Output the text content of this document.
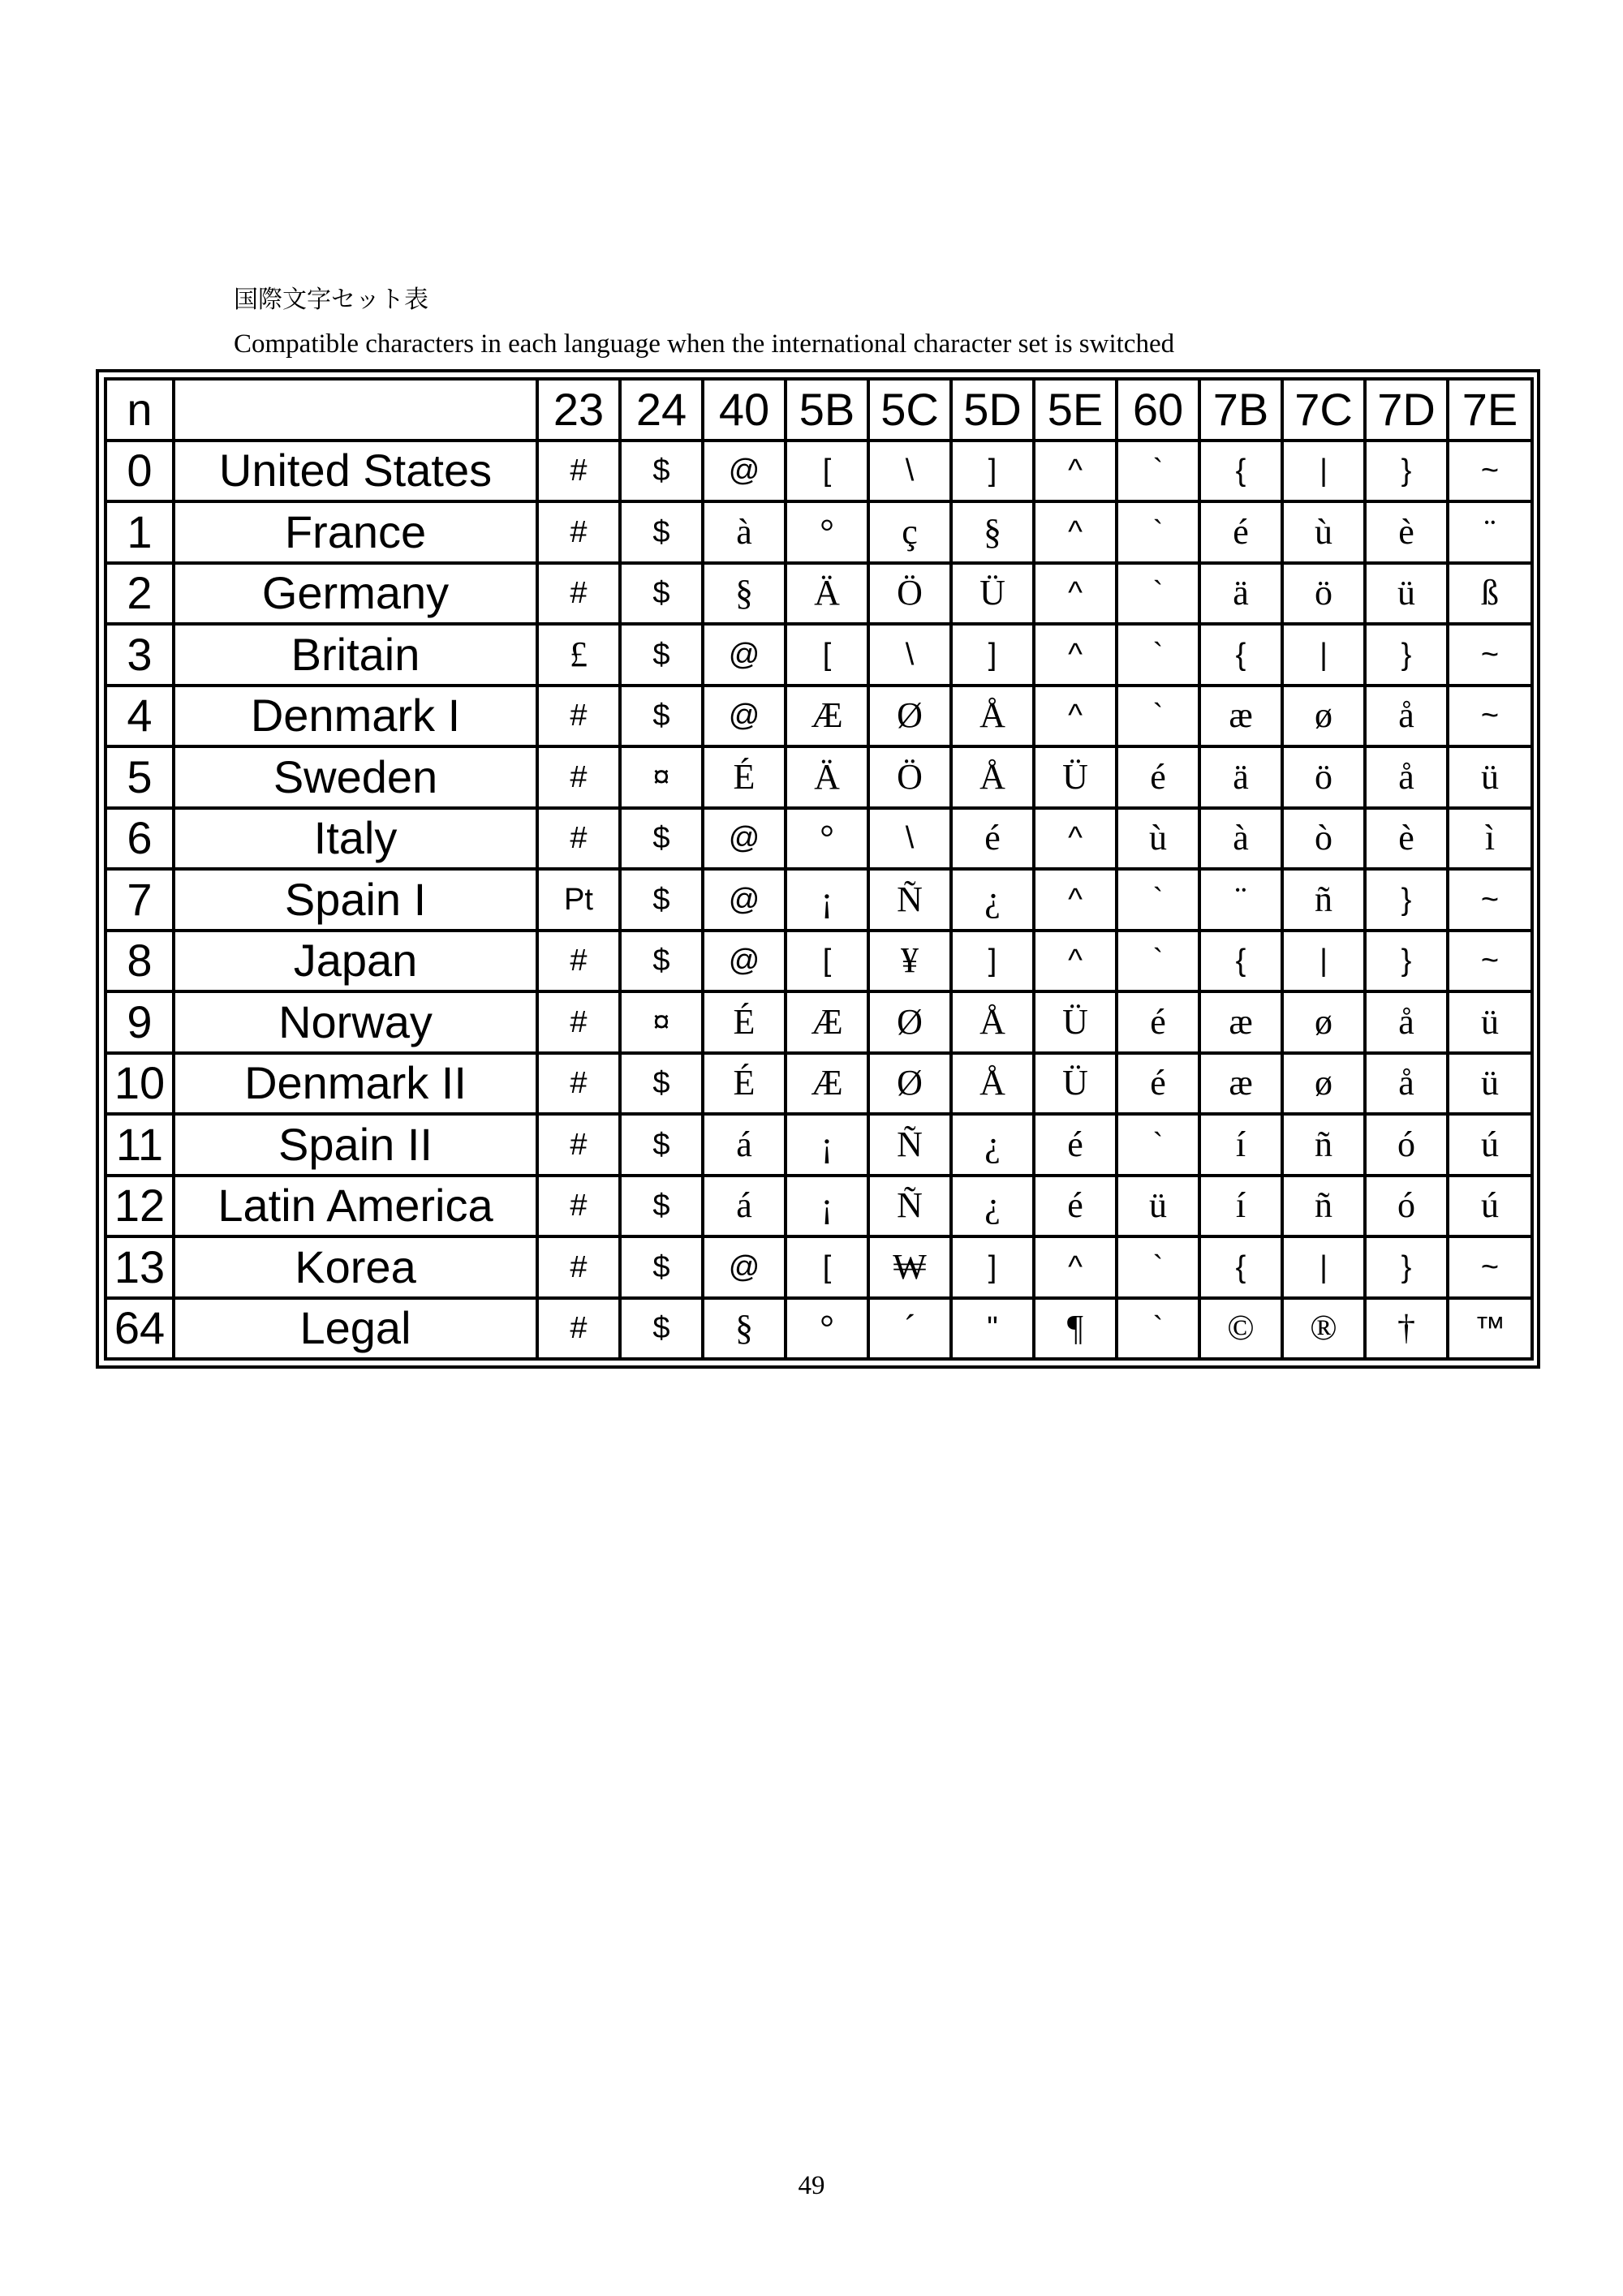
国際文字セット表
Compatible characters in each language when the international character set is switched
n		23	24	40	5B	5C	5D	5E	60	7B	7C	7D	7E
0	United States	#	$	@	[	\	]	^	`	{	|	}	~
1	France	#	$	à	°	ç	§	^	`	é	ù	è	¨
2	Germany	#	$	§	Ä	Ö	Ü	^	`	ä	ö	ü	ß
3	Britain	£	$	@	[	\	]	^	`	{	|	}	~
4	Denmark I	#	$	@	Æ	Ø	Å	^	`	æ	ø	å	~
5	Sweden	#	¤	É	Ä	Ö	Å	Ü	é	ä	ö	å	ü
6	Italy	#	$	@	°	\	é	^	ù	à	ò	è	ì
7	Spain I	Pt	$	@	¡	Ñ	¿	^	`	¨	ñ	}	~
8	Japan	#	$	@	[	¥	]	^	`	{	|	}	~
9	Norway	#	¤	É	Æ	Ø	Å	Ü	é	æ	ø	å	ü
10	Denmark II	#	$	É	Æ	Ø	Å	Ü	é	æ	ø	å	ü
11	Spain II	#	$	á	¡	Ñ	¿	é	`	í	ñ	ó	ú
12	Latin America	#	$	á	¡	Ñ	¿	é	ü	í	ñ	ó	ú
13	Korea	#	$	@	[	₩	]	^	`	{	|	}	~
64	Legal	#	$	§	°	´	"	¶	`	©	®	†	™
49
